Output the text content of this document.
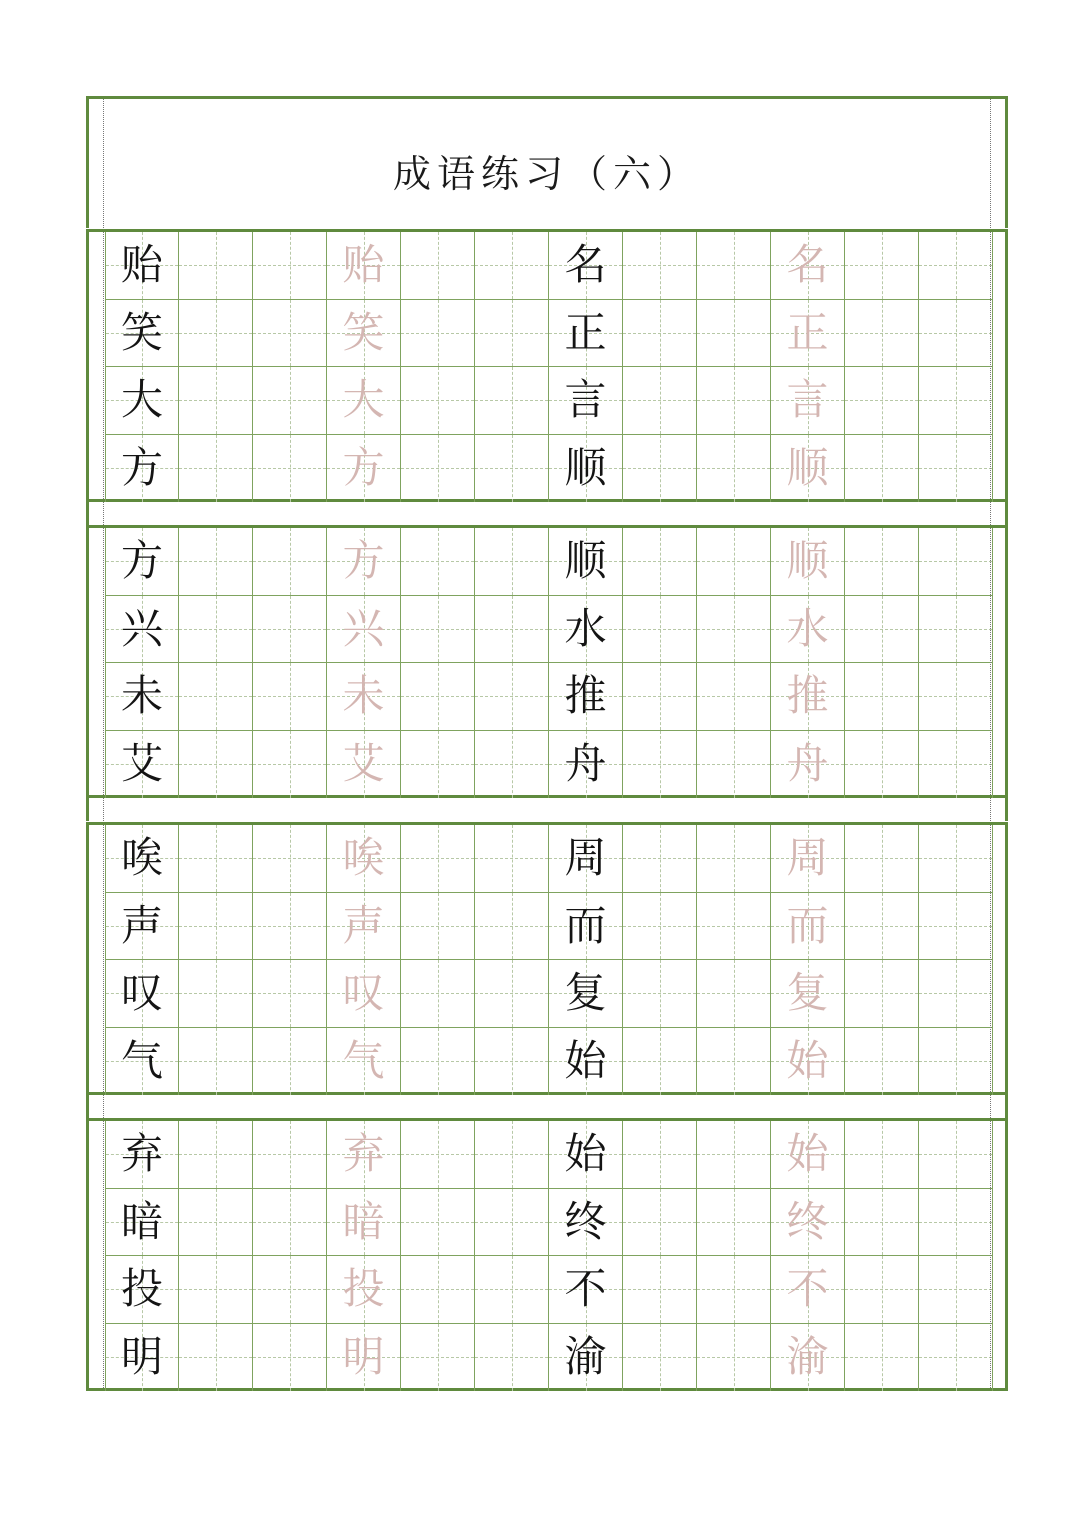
成语练习（六）
贻	贻	名	名
笑	笑	正	正
大	大	言	言
方	方	顺	顺
方	方	顺	顺
兴	兴	水	水
未	未	推	推
艾	艾	舟	舟
唉	唉	周	周
声	声	而	而
叹	叹	复	复
气	气	始	始
弃	弃	始	始
暗	暗	终	终
投	投	不	不
明	明	渝	渝
